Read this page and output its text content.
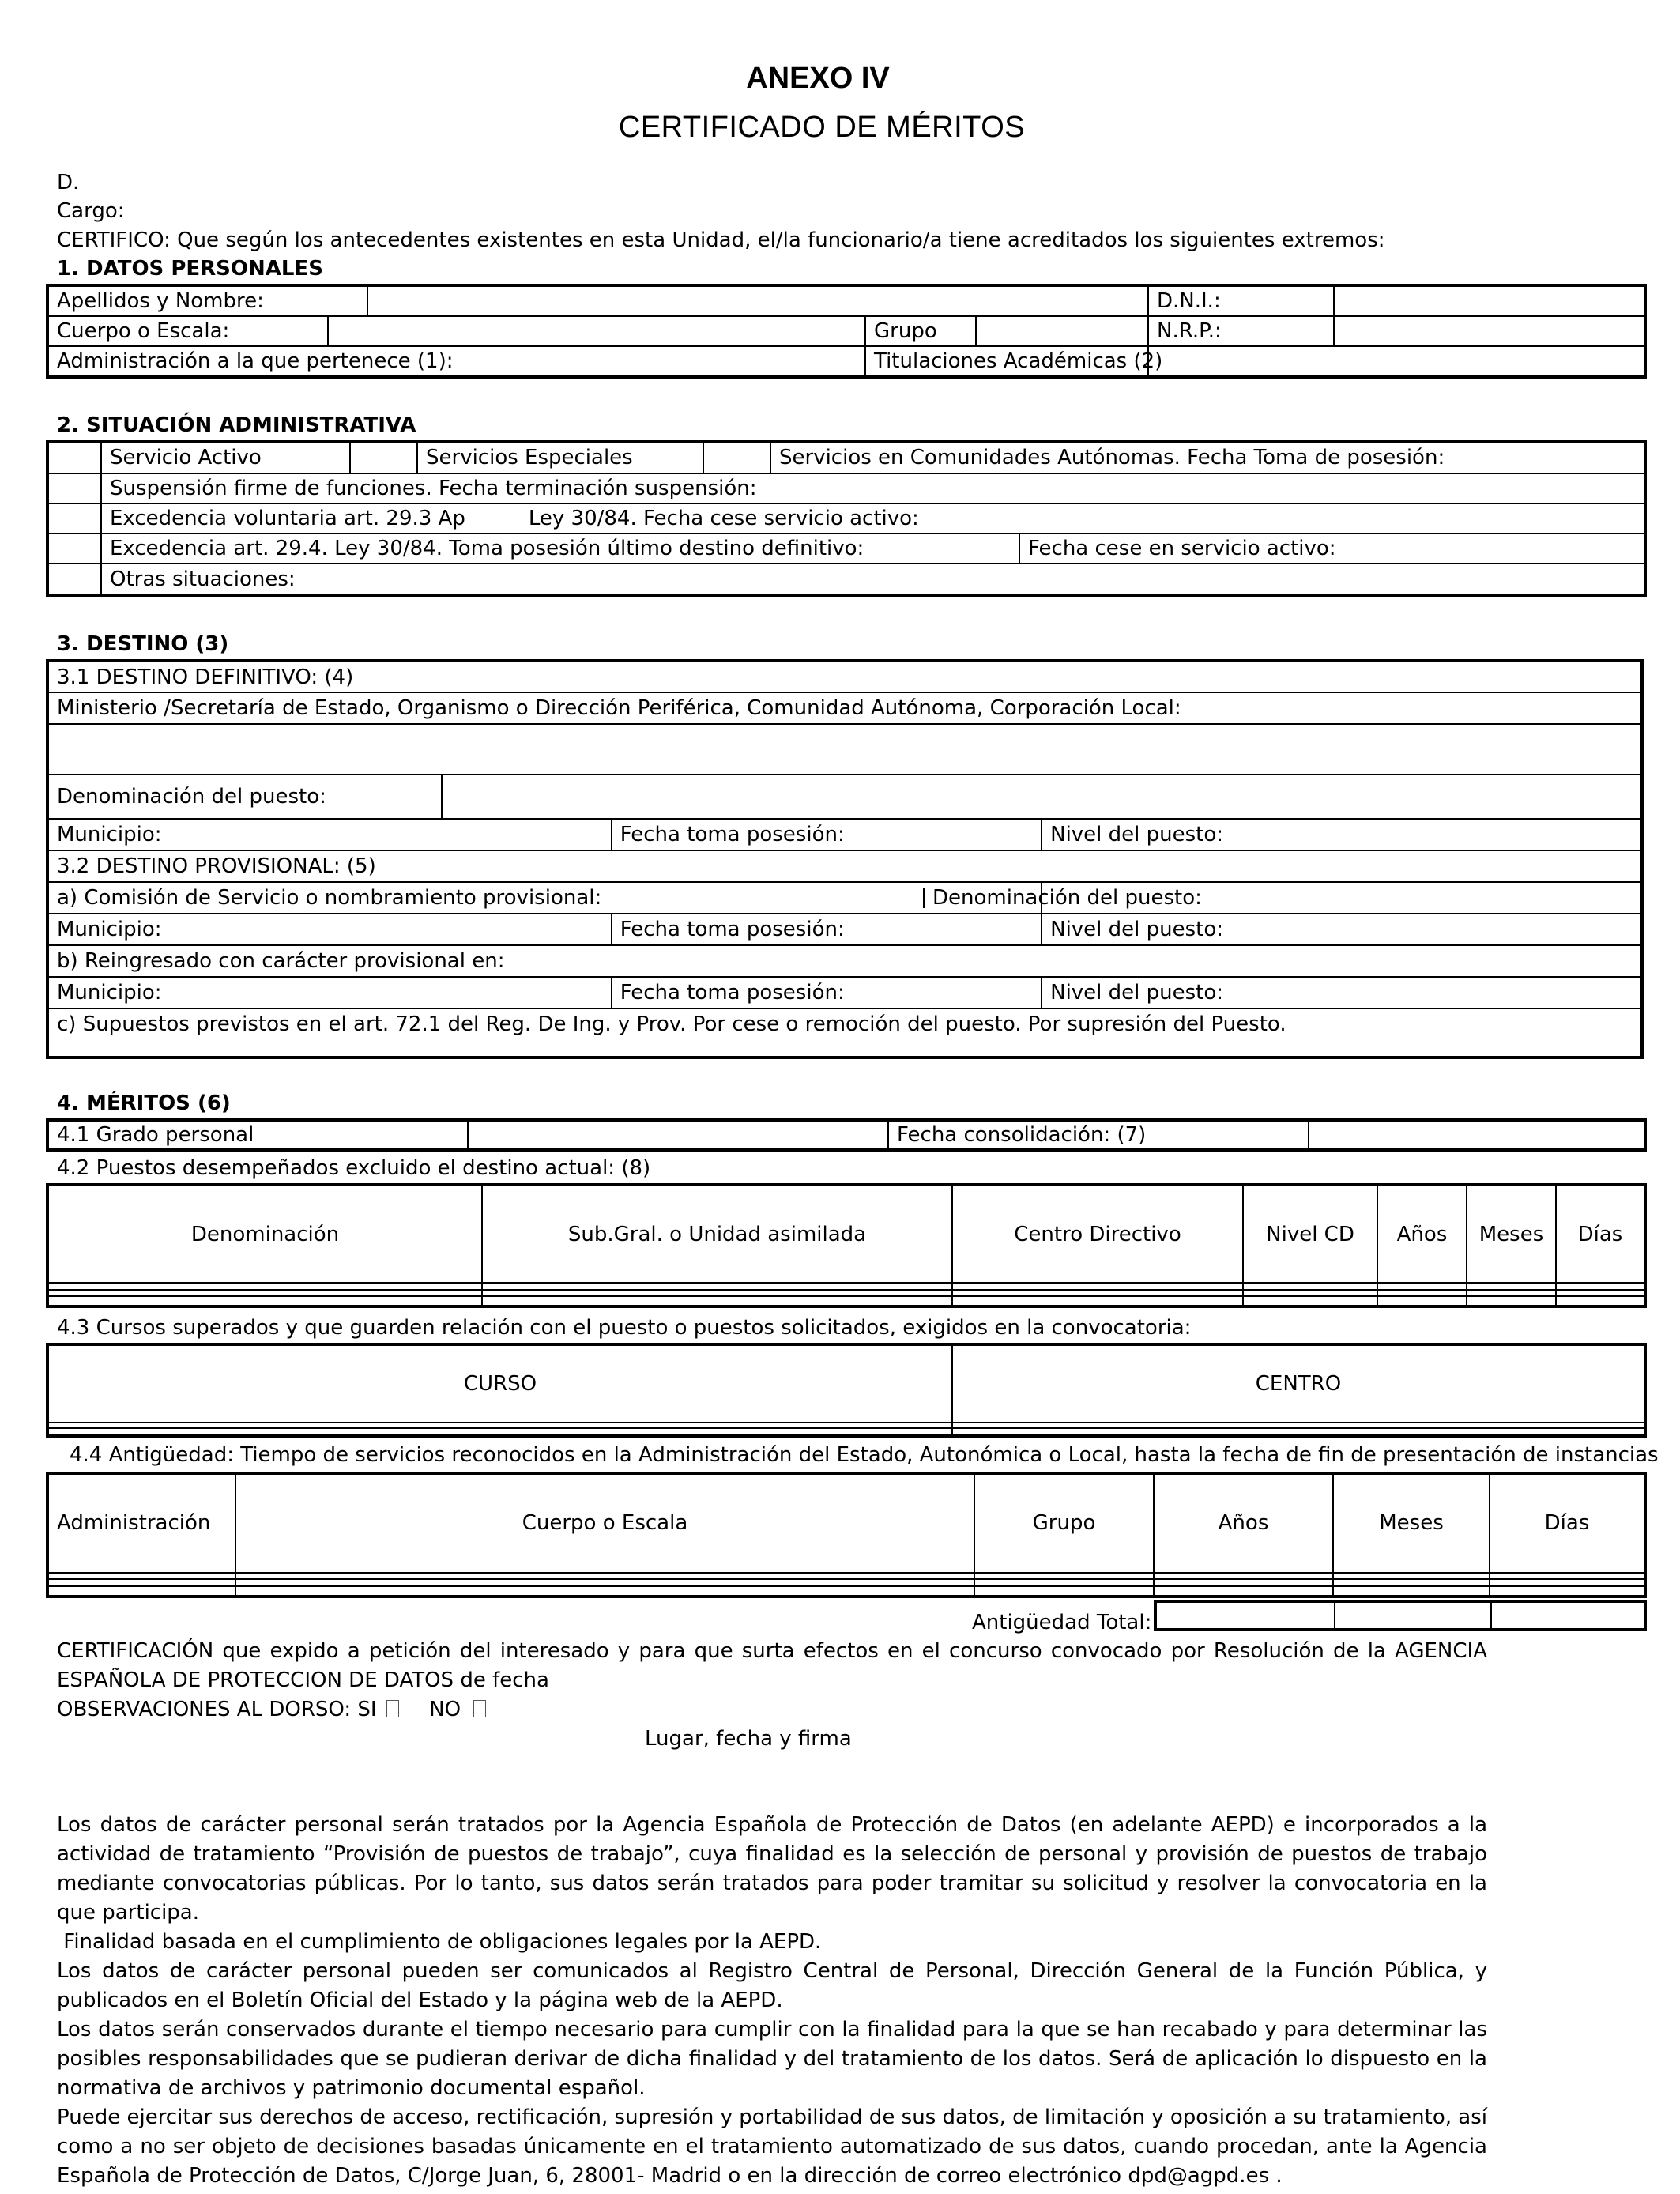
ANEXO IV
CERTIFICADO DE MÉRITOS
D.
Cargo:
CERTIFICO: Que según los antecedentes existentes en esta Unidad, el/la funcionario/a tiene acreditados los siguientes extremos:
1. DATOS PERSONALES
Apellidos y Nombre:					D.N.I.:	
Cuerpo o Escala:			Grupo		N.R.P.:	
Administración a la que pertenece (1):			Titulaciones Académicas (2)			
2. SITUACIÓN ADMINISTRATIVA
	Servicio Activo		Servicios Especiales		Servicios en Comunidades Autónomas. Fecha Toma de posesión:	
	Suspensión firme de funciones. Fecha terminación suspensión:					
	Excedencia voluntaria art. 29.3 Ap Ley 30/84. Fecha cese servicio activo:					
	Excedencia art. 29.4. Ley 30/84. Toma posesión último destino definitivo:					Fecha cese en servicio activo:
	Otras situaciones:					
3. DESTINO (3)
3.1 DESTINO DEFINITIVO: (4)
Ministerio /Secretaría de Estado, Organismo o Dirección Periférica, Comunidad Autónoma, Corporación Local:

Denominación del puesto:	
Municipio:	Fecha toma posesión:	Nivel del puesto:
3.2 DESTINO PROVISIONAL: (5)

a) Comisión de Servicio o nombramiento provisional:	Denominación del puesto:

Municipio:	Fecha toma posesión:	Nivel del puesto:
b) Reingresado con carácter provisional en:
Municipio:	Fecha toma posesión:	Nivel del puesto:
c) Supuestos previstos en el art. 72.1 del Reg. De Ing. y Prov. Por cese o remoción del puesto. Por supresión del Puesto.
4. MÉRITOS (6)
4.1 Grado personal		Fecha consolidación: (7)	
4.2 Puestos desempeñados excluido el destino actual: (8)
Denominación	Sub.Gral. o Unidad asimilada	Centro Directivo	Nivel CD	Años	Meses	Días

4.3 Cursos superados y que guarden relación con el puesto o puestos solicitados, exigidos en la convocatoria:
CURSO	CENTRO

4.4 Antigüedad: Tiempo de servicios reconocidos en la Administración del Estado, Autonómica o Local, hasta la fecha de fin de presentación de instancias
Administración	Cuerpo o Escala	Grupo	Años	Meses	Días

Antigüedad Total:

CERTIFICACIÓN que expido a petición del interesado y para que surta efectos en el concurso convocado por Resolución de la AGENCIA ESPAÑOLA DE PROTECCION DE DATOS de fecha
OBSERVACIONES AL DORSO: SI	NO
Lugar, fecha y firma

Los datos de carácter personal serán tratados por la Agencia Española de Protección de Datos (en adelante AEPD) e incorporados a la actividad de tratamiento “Provisión de puestos de trabajo”, cuya finalidad es la selección de personal y provisión de puestos de trabajo mediante convocatorias públicas. Por lo tanto, sus datos serán tratados para poder tramitar su solicitud y resolver la convocatoria en la que participa.

Finalidad basada en el cumplimiento de obligaciones legales por la AEPD.

Los datos de carácter personal pueden ser comunicados al Registro Central de Personal, Dirección General de la Función Pública, y publicados en el Boletín Oficial del Estado y la página web de la AEPD.

Los datos serán conservados durante el tiempo necesario para cumplir con la finalidad para la que se han recabado y para determinar las posibles responsabilidades que se pudieran derivar de dicha finalidad y del tratamiento de los datos. Será de aplicación lo dispuesto en la normativa de archivos y patrimonio documental español.

Puede ejercitar sus derechos de acceso, rectificación, supresión y portabilidad de sus datos, de limitación y oposición a su tratamiento, así como a no ser objeto de decisiones basadas únicamente en el tratamiento automatizado de sus datos, cuando procedan, ante la Agencia Española de Protección de Datos, C/Jorge Juan, 6, 28001- Madrid o en la dirección de correo electrónico dpd@agpd.es .
